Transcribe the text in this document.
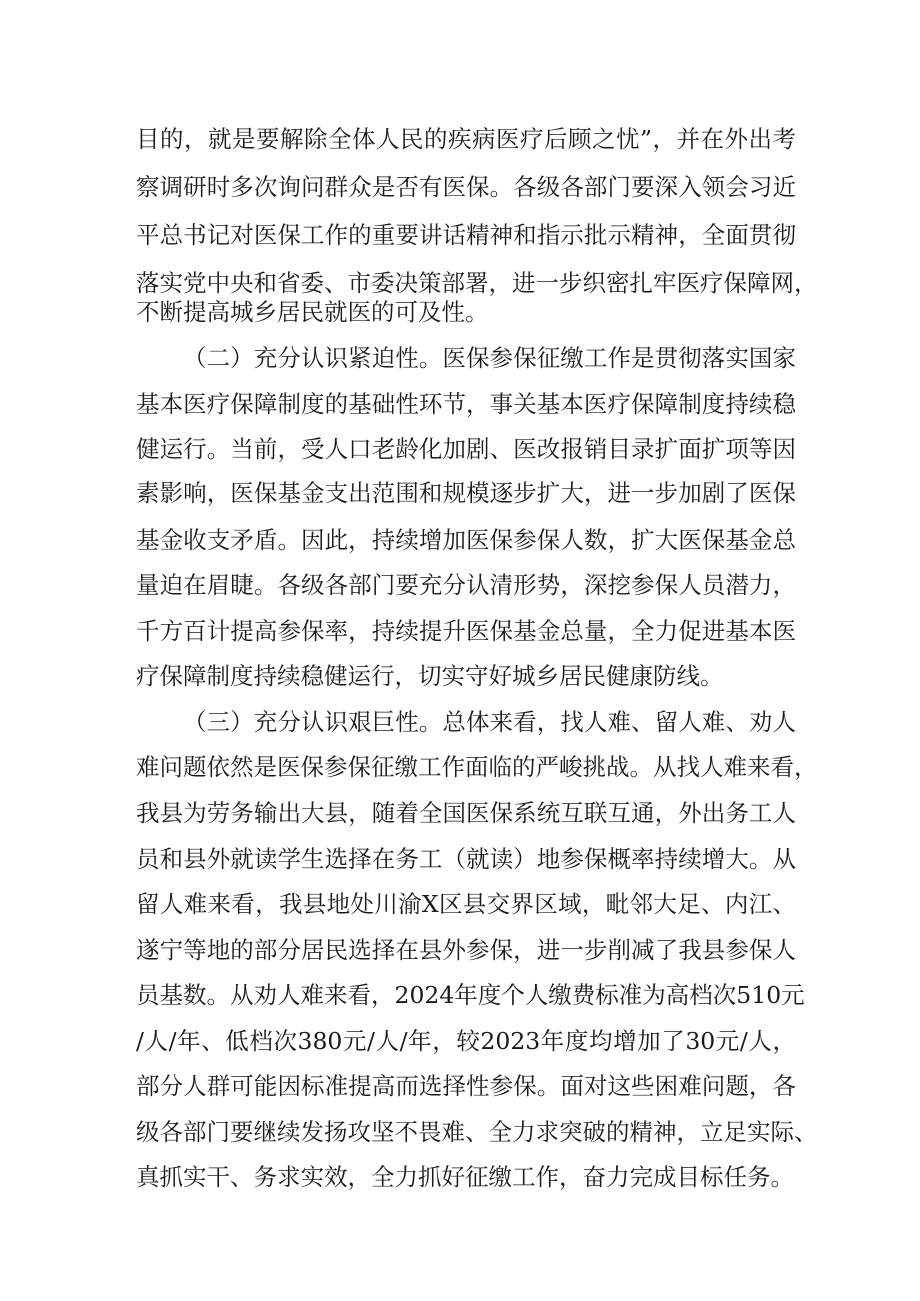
目的，就是要解除全体人民的疾病医疗后顾之忧”，并在外出考
察调研时多次询问群众是否有医保。各级各部门要深入领会习近
平总书记对医保工作的重要讲话精神和指示批示精神，全面贯彻
落实党中央和省委、市委决策部署，进一步织密扎牢医疗保障网，
不断提高城乡居民就医的可及性。
（二）充分认识紧迫性。医保参保征缴工作是贯彻落实国家
基本医疗保障制度的基础性环节，事关基本医疗保障制度持续稳
健运行。当前，受人口老龄化加剧、医改报销目录扩面扩项等因
素影响，医保基金支出范围和规模逐步扩大，进一步加剧了医保
基金收支矛盾。因此，持续增加医保参保人数，扩大医保基金总
量迫在眉睫。各级各部门要充分认清形势，深挖参保人员潜力，
千方百计提高参保率，持续提升医保基金总量，全力促进基本医
疗保障制度持续稳健运行，切实守好城乡居民健康防线。
（三）充分认识艰巨性。总体来看，找人难、留人难、劝人
难问题依然是医保参保征缴工作面临的严峻挑战。从找人难来看，
我县为劳务输出大县，随着全国医保系统互联互通，外出务工人
员和县外就读学生选择在务工（就读）地参保概率持续增大。从
留人难来看，我县地处川渝X区县交界区域，毗邻大足、内江、
遂宁等地的部分居民选择在县外参保，进一步削减了我县参保人
员基数。从劝人难来看，2024年度个人缴费标准为高档次510元
/人/年、低档次380元/人/年，较2023年度均增加了30元/人，
部分人群可能因标准提高而选择性参保。面对这些困难问题，各
级各部门要继续发扬攻坚不畏难、全力求突破的精神，立足实际、
真抓实干、务求实效，全力抓好征缴工作，奋力完成目标任务。
